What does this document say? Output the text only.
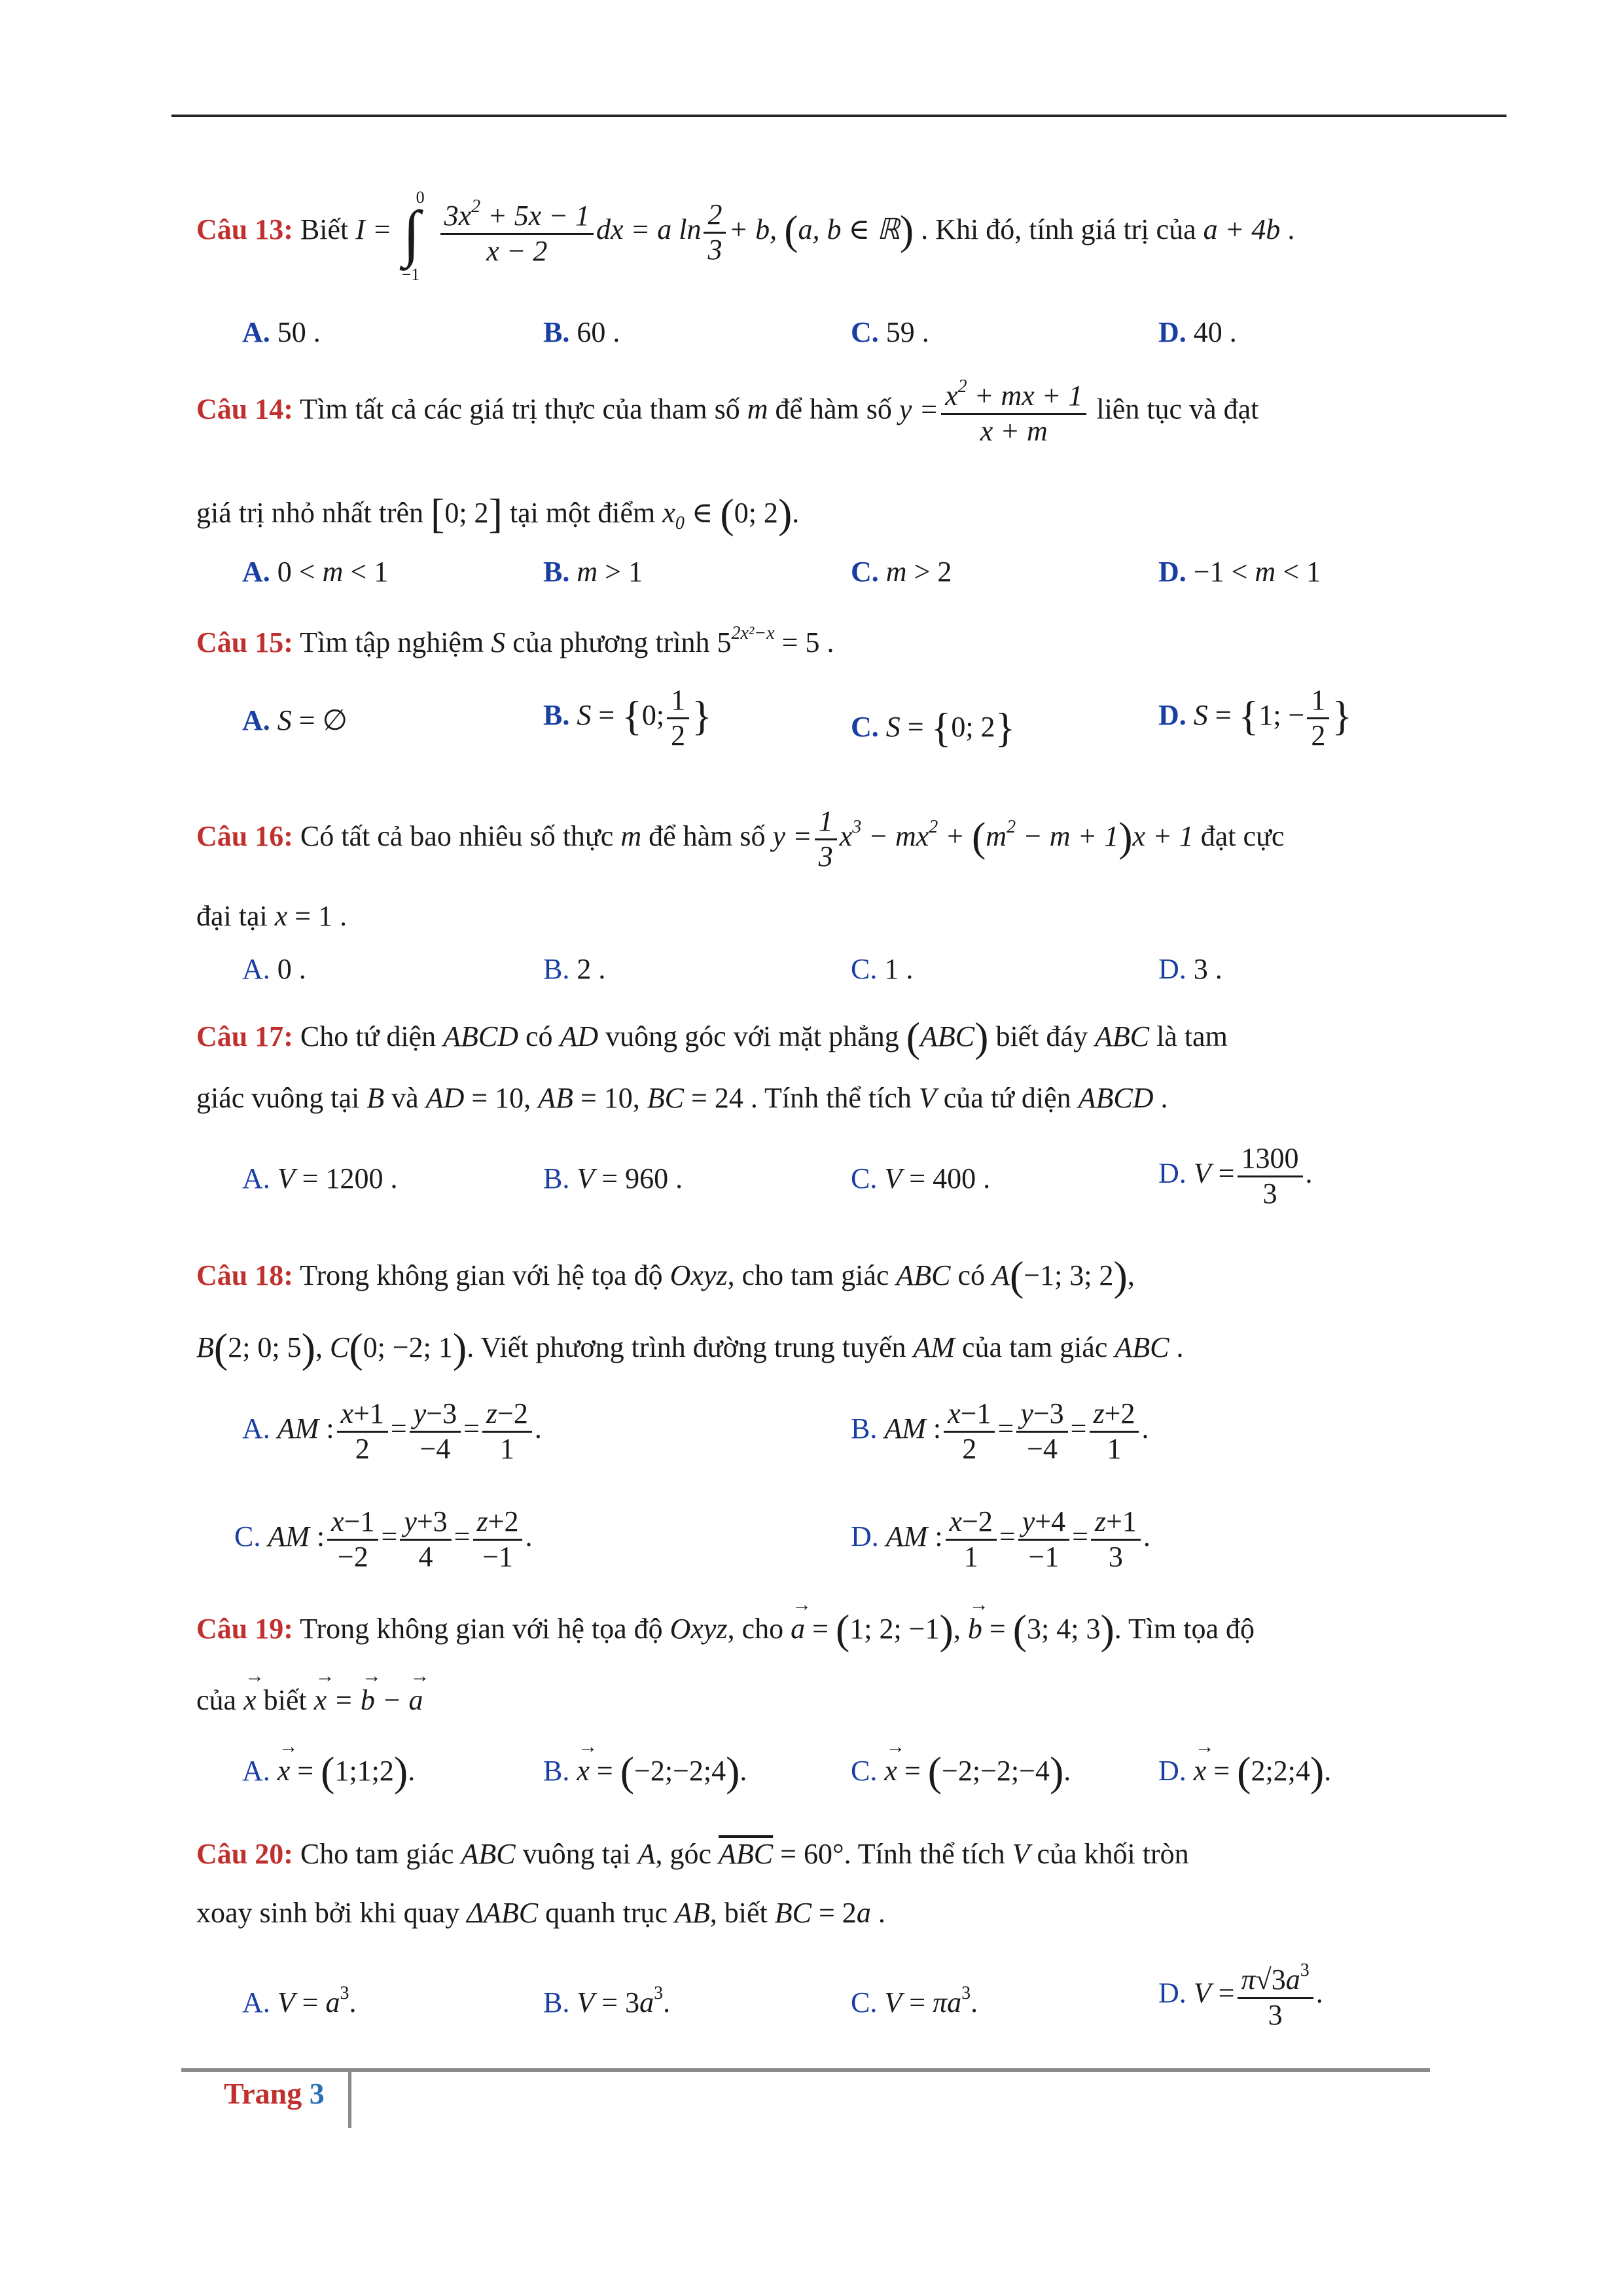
Câu 13: Biết I = ∫
0
−1

$\frac{3x^2 + 5x - 1}{x - 2}$ dx = a $\ln \frac{2}{3} + b$, (a, b ∈ ℝ) . Khi đó, tính giá trị của a + 4b .
A. 50 .	B. 60 .	C. 59 .	D. 40 .
Câu 14: Tìm tất cả các giá trị thực của tham số m để hàm số $y = \frac{x^2 + mx + 1}{x + m}$ liên tục và đạt
giá trị nhỏ nhất trên [0; 2] tại một điểm $x_0$ ∈ (0; 2).
A. 0 < m < 1	B. m > 1	C. m > 2	D. −1 < m < 1
Câu 15: Tìm tập nghiệm S của phương trình $5^{2x^2-x} = 5$ .
A. S = ∅	B. S = {0; $\frac{1}{2}$ }	C. S = {0; 2}	D. S = {1; − $\frac{1}{2}$ }
Câu 16: Có tất cả bao nhiêu số thực m để hàm số $y = \frac{1}{3} x^3 - mx^2 + (m^2 - m + 1)x + 1$ đạt cực
đại tại x = 1 .
A. 0 .	B. 2 .	C. 1 .	D. 3 .
Câu 17: Cho tứ diện ABCD có AD vuông góc với mặt phẳng (ABC) biết đáy ABC là tam
giác vuông tại B và AD = 10, AB = 10, BC = 24 . Tính thể tích V của tứ diện ABCD .
A. V = 1200 .	B. V = 960 .	C. V = 400 .	D. $V = \frac{1300}{3}$ .
Câu 18: Trong không gian với hệ tọa độ Oxyz, cho tam giác ABC có A(−1; 3; 2),
B(2; 0; 5), C(0; −2; 1). Viết phương trình đường trung tuyến AM của tam giác ABC .
A. AM : $\frac{x+1}{2} = \frac{y-3}{-4} = \frac{z-2}{1}$ .	B. AM : $\frac{x-1}{2} = \frac{y-3}{-4} = \frac{z+2}{1}$ .
C. AM : $\frac{x-1}{-2} = \frac{y+3}{4} = \frac{z+2}{-1}$ .	D. AM : $\frac{x-2}{1} = \frac{y+4}{-1} = \frac{z+1}{3}$ .
Câu 19: Trong không gian với hệ tọa độ Oxyz, cho → a = (1; 2; −1), → b = (3; 4; 3). Tìm tọa độ
của → x biết → x = → b − → a
A. → x = (1;1;2).	B. → x = (−2;−2;4).	C. → x = (−2;−2;−4).	D. → x = (2;2;4).
Câu 20: Cho tam giác ABC vuông tại A, góc $\overline{ABC} = 60^\circ$. Tính thể tích V của khối tròn
xoay sinh bởi khi quay ΔABC quanh trục AB, biết BC = 2a .
A. $V = a^3$.	B. $V = 3a^3$.	C. $V = \pi a^3$.	D. $V = \frac{\pi√3a^3}{3}$ .
Trang 3
